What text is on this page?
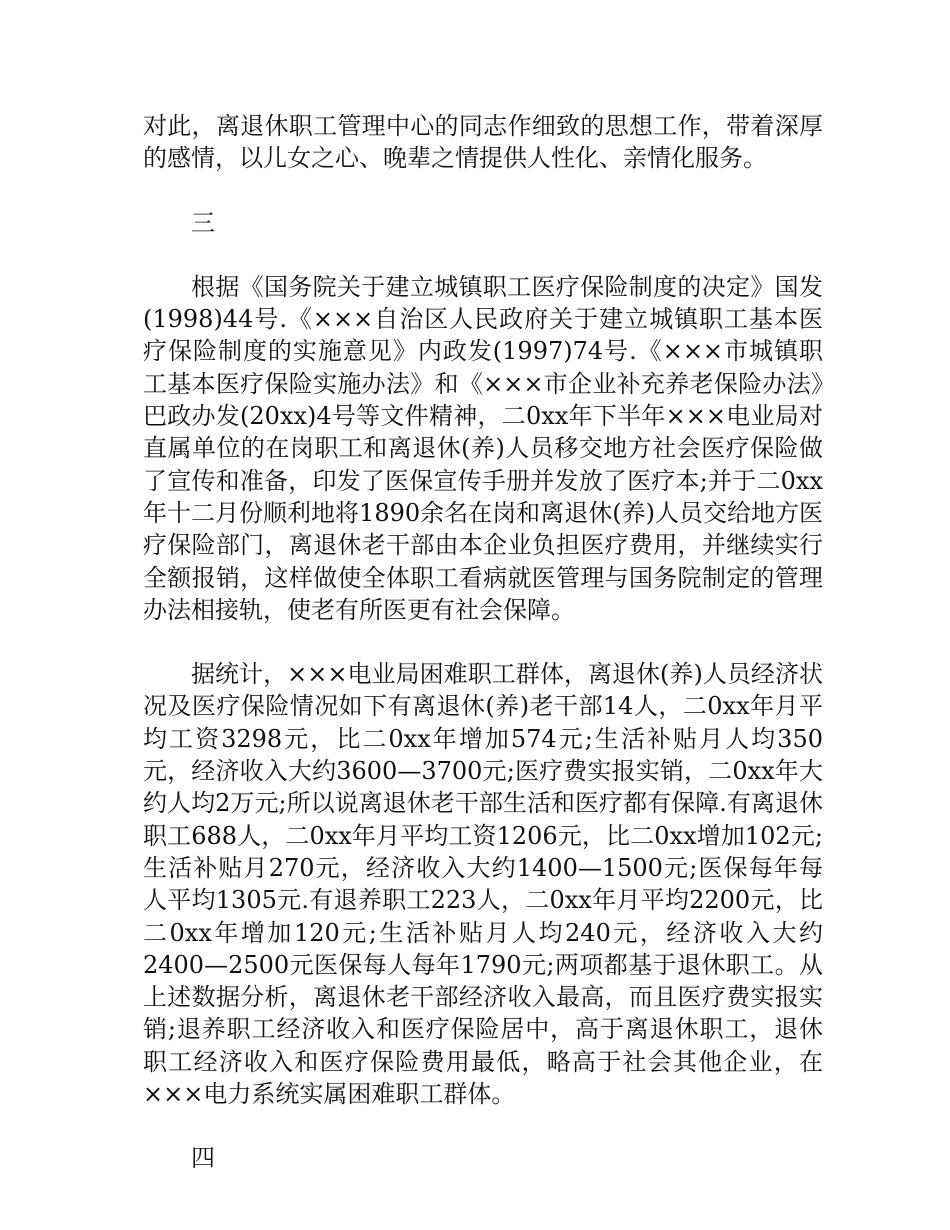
对此，离退休职工管理中心的同志作细致的思想工作，带着深厚的感情，以儿女之心、晚辈之情提供人性化、亲情化服务。

三

根据《国务院关于建立城镇职工医疗保险制度的决定》国发(1998)44号.《×××自治区人民政府关于建立城镇职工基本医疗保险制度的实施意见》内政发(1997)74号.《×××市城镇职工基本医疗保险实施办法》和《×××市企业补充养老保险办法》巴政办发(20xx)4号等文件精神，二0xx年下半年×××电业局对直属单位的在岗职工和离退休(养)人员移交地方社会医疗保险做了宣传和准备，印发了医保宣传手册并发放了医疗本;并于二0xx年十二月份顺利地将1890余名在岗和离退休(养)人员交给地方医疗保险部门，离退休老干部由本企业负担医疗费用，并继续实行全额报销，这样做使全体职工看病就医管理与国务院制定的管理办法相接轨，使老有所医更有社会保障。

据统计，×××电业局困难职工群体，离退休(养)人员经济状况及医疗保险情况如下有离退休(养)老干部14人，二0xx年月平均工资3298元，比二0xx年增加574元;生活补贴月人均350元，经济收入大约3600—3700元;医疗费实报实销，二0xx年大约人均2万元;所以说离退休老干部生活和医疗都有保障.有离退休职工688人，二0xx年月平均工资1206元，比二0xx增加102元;生活补贴月270元，经济收入大约1400—1500元;医保每年每人平均1305元.有退养职工223人，二0xx年月平均2200元，比二0xx年增加120元;生活补贴月人均240元，经济收入大约2400—2500元医保每人每年1790元;两项都基于退休职工。从上述数据分析，离退休老干部经济收入最高，而且医疗费实报实销;退养职工经济收入和医疗保险居中，高于离退休职工，退休职工经济收入和医疗保险费用最低，略高于社会其他企业，在×××电力系统实属困难职工群体。

四
